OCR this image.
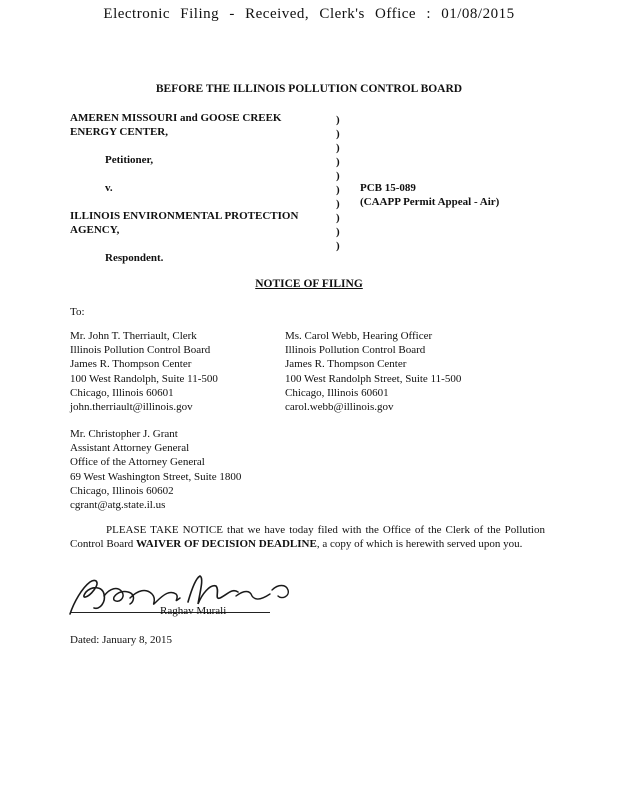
Electronic Filing - Received, Clerk's Office : 01/08/2015
BEFORE THE ILLINOIS POLLUTION CONTROL BOARD
AMEREN MISSOURI and GOOSE CREEK
ENERGY CENTER,
Petitioner,
v.
ILLINOIS ENVIRONMENTAL PROTECTION
AGENCY,
Respondent.
)
)
)
)
)
)
)
)
)
)
PCB 15-089
(CAAPP Permit Appeal - Air)
NOTICE OF FILING
To:
Mr. John T. Therriault, Clerk
Illinois Pollution Control Board
James R. Thompson Center
100 West Randolph, Suite 11-500
Chicago, Illinois 60601
john.therriault@illinois.gov
Ms. Carol Webb, Hearing Officer
Illinois Pollution Control Board
James R. Thompson Center
100 West Randolph Street, Suite 11-500
Chicago, Illinois 60601
carol.webb@illinois.gov
Mr. Christopher J. Grant
Assistant Attorney General
Office of the Attorney General
69 West Washington Street, Suite 1800
Chicago, Illinois 60602
cgrant@atg.state.il.us
PLEASE TAKE NOTICE that we have today filed with the Office of the Clerk of the Pollution Control Board WAIVER OF DECISION DEADLINE, a copy of which is herewith served upon you.
Raghav Murali
Dated: January 8, 2015
